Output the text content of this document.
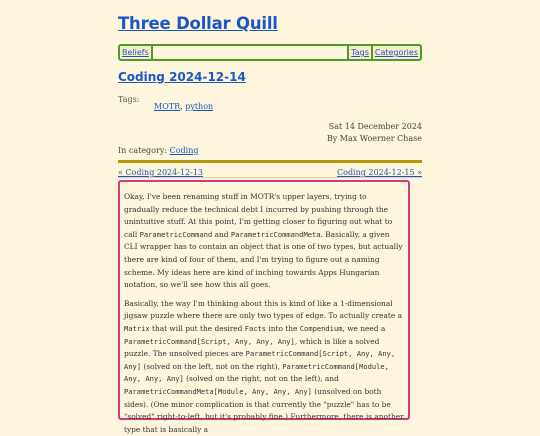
Three Dollar Quill
Beliefs	Tags Categories
Coding 2024-12-14
Tags:
MOTR, python
Sat 14 December 2024
By Max Woerner Chase
In category: Coding
« Coding 2024-12-13	Coding 2024-12-15 »

Okay, I've been renaming stuff in MOTR's upper layers, trying to gradually reduce the technical debt I incurred by pushing through the unintuitive stuff. At this point, I'm getting closer to figuring out what to call ParametricCommand and ParametricCommandMeta. Basically, a given CLI wrapper has to contain an object that is one of two types, but actually there are kind of four of them, and I'm trying to figure out a naming scheme. My ideas here are kind of inching towards Apps Hungarian notation, so we'll see how this all goes.

Basically, the way I'm thinking about this is kind of like a 1-dimensional jigsaw puzzle where there are only two types of edge. To actually create a Matrix that will put the desired Facts into the Compendium, we need a ParametricCommand[Script, Any, Any, Any], which is like a solved puzzle. The unsolved pieces are ParametricCommand[Script, Any, Any, Any] (solved on the left, not on the right), ParametricCommand[Module, Any, Any, Any] (solved on the right, not on the left), and ParametricCommandMeta[Module, Any, Any, Any] (unsolved on both sides). (One minor complication is that currently the "puzzle" has to be "solved" right-to-left, but it's probably fine.) Furthermore, there is another type that is basically a
